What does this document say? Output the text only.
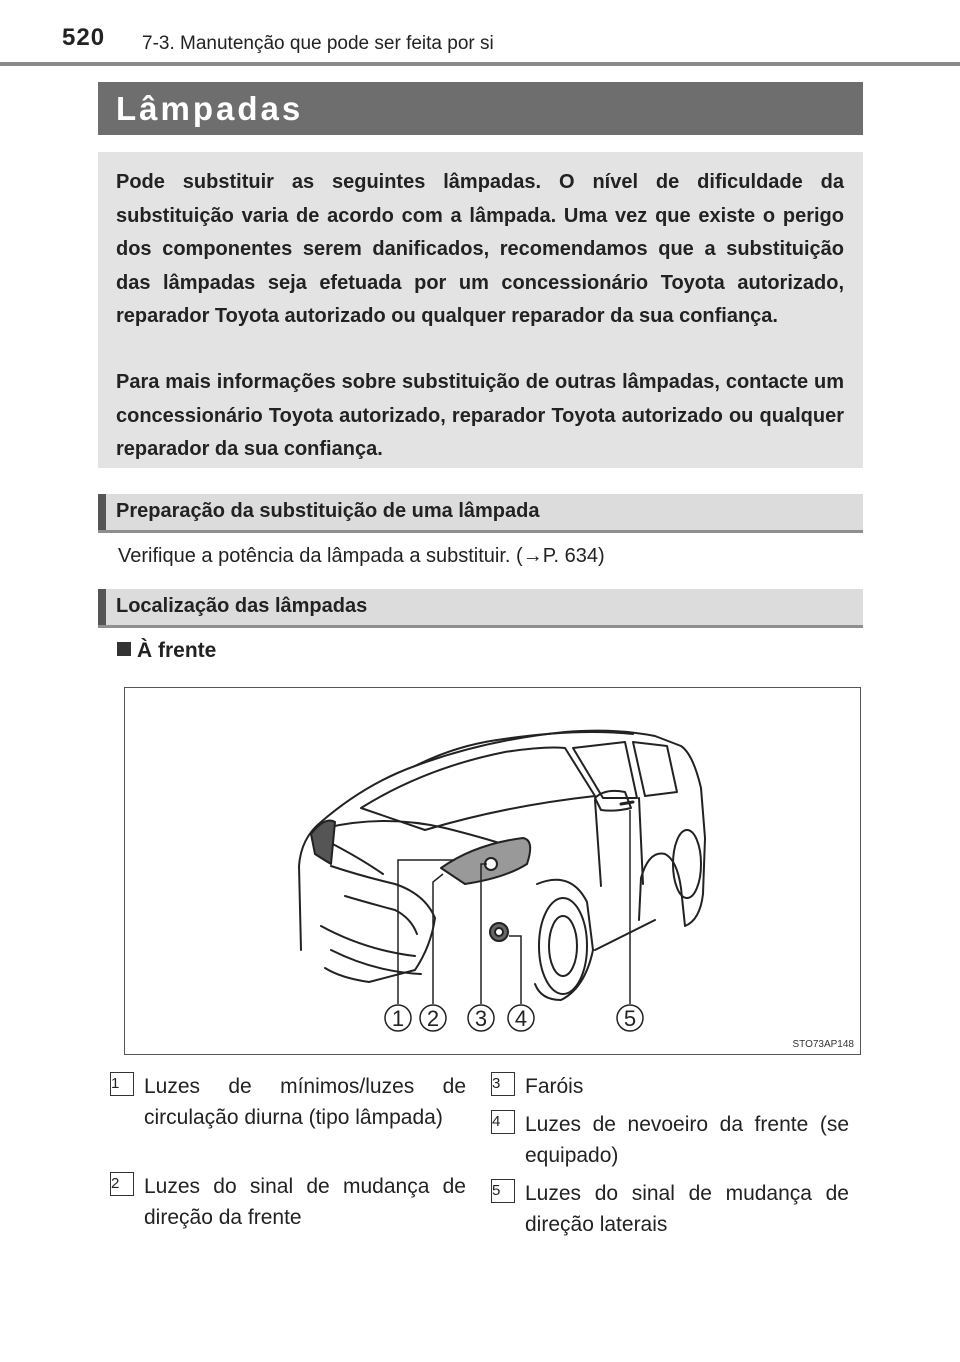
520 7-3. Manutenção que pode ser feita por si
Lâmpadas

Pode substituir as seguintes lâmpadas. O nível de dificuldade da substituição varia de acordo com a lâmpada. Uma vez que existe o perigo dos componentes serem danificados, recomendamos que a substituição das lâmpadas seja efetuada por um concessionário Toyota autorizado, reparador Toyota autorizado ou qualquer reparador da sua confiança.

Para mais informações sobre substituição de outras lâmpadas, contacte um concessionário Toyota autorizado, reparador Toyota autorizado ou qualquer reparador da sua confiança.

Preparação da substituição de uma lâmpada
Verifique a potência da lâmpada a substituir. (→P. 634)
Localização das lâmpadas
À frente
1 2 3 4	5
STO73AP148
1	Luzes de mínimos/luzes de circulação diurna (tipo lâmpada)
2	Luzes do sinal de mudança de direção da frente
3	Faróis
4	Luzes de nevoeiro da frente (se equipado)
5	Luzes do sinal de mudança de direção laterais
